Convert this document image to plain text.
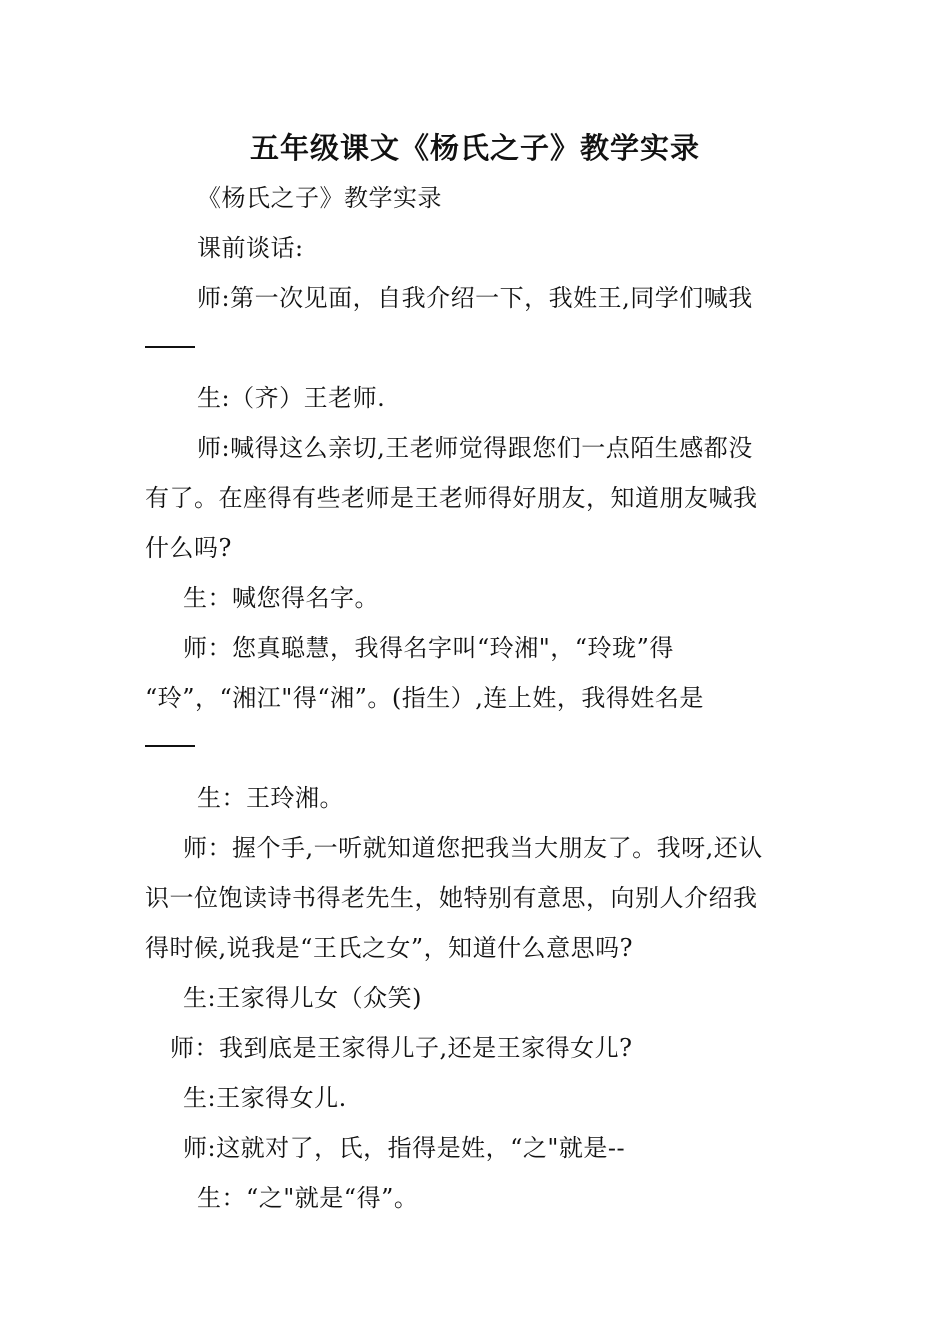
五年级课文《杨氏之子》教学实录
《杨氏之子》教学实录
课前谈话:
师:第一次见面，自我介绍一下，我姓王,同学们喊我
生:（齐）王老师.
师:喊得这么亲切,王老师觉得跟您们一点陌生感都没
有了。在座得有些老师是王老师得好朋友，知道朋友喊我
什么吗?
生：喊您得名字。
师：您真聪慧，我得名字叫“玲湘"，“玲珑”得
“玲”，“湘江"得“湘”。(指生）,连上姓，我得姓名是
生：王玲湘。
师：握个手,一听就知道您把我当大朋友了。我呀,还认
识一位饱读诗书得老先生，她特别有意思，向别人介绍我
得时候,说我是“王氏之女”，知道什么意思吗?
生:王家得儿女（众笑)
师：我到底是王家得儿子,还是王家得女儿?
生:王家得女儿.
师:这就对了，氏，指得是姓，“之"就是--
生：“之"就是“得”。
